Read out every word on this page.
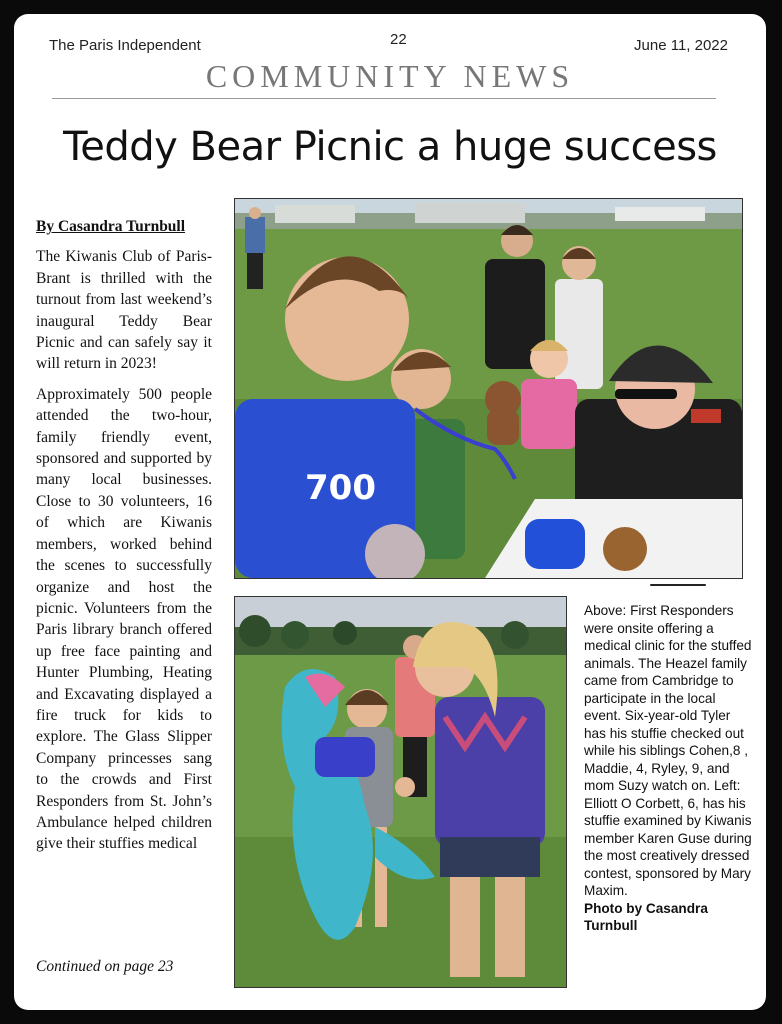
The Paris Independent	22	June 11, 2022
COMMUNITY NEWS
Teddy Bear Picnic a huge success
By Casandra Turnbull

The Kiwanis Club of Paris-Brant is thrilled with the turnout from last weekend’s inaugural Teddy Bear Picnic and can safely say it will return in 2023!

Approximately 500 people attended the two-hour, family friendly event, sponsored and supported by many local businesses. Close to 30 volunteers, 16 of which are Kiwanis members, worked behind the scenes to successfully organize and host the picnic. Volunteers from the Paris library branch offered up free face painting and Hunter Plumbing, Heating and Excavating displayed a fire truck for kids to explore. The Glass Slipper Company princesses sang to the crowds and First Responders from St. John’s Ambulance helped children give their stuffies medical

Continued on page 23
700
Above: First Responders were onsite offering a medical clinic for the stuffed animals. The Heazel family came from Cambridge to participate in the local event. Six-year-old Tyler has his stuffie checked out while his siblings Cohen,8 , Maddie, 4, Ryley, 9, and mom Suzy watch on. Left: Elliott O Corbett, 6, has his stuffie examined by Kiwanis member Karen Guse during the most creatively dressed contest, sponsored by Mary Maxim.
Photo by Casandra Turnbull
